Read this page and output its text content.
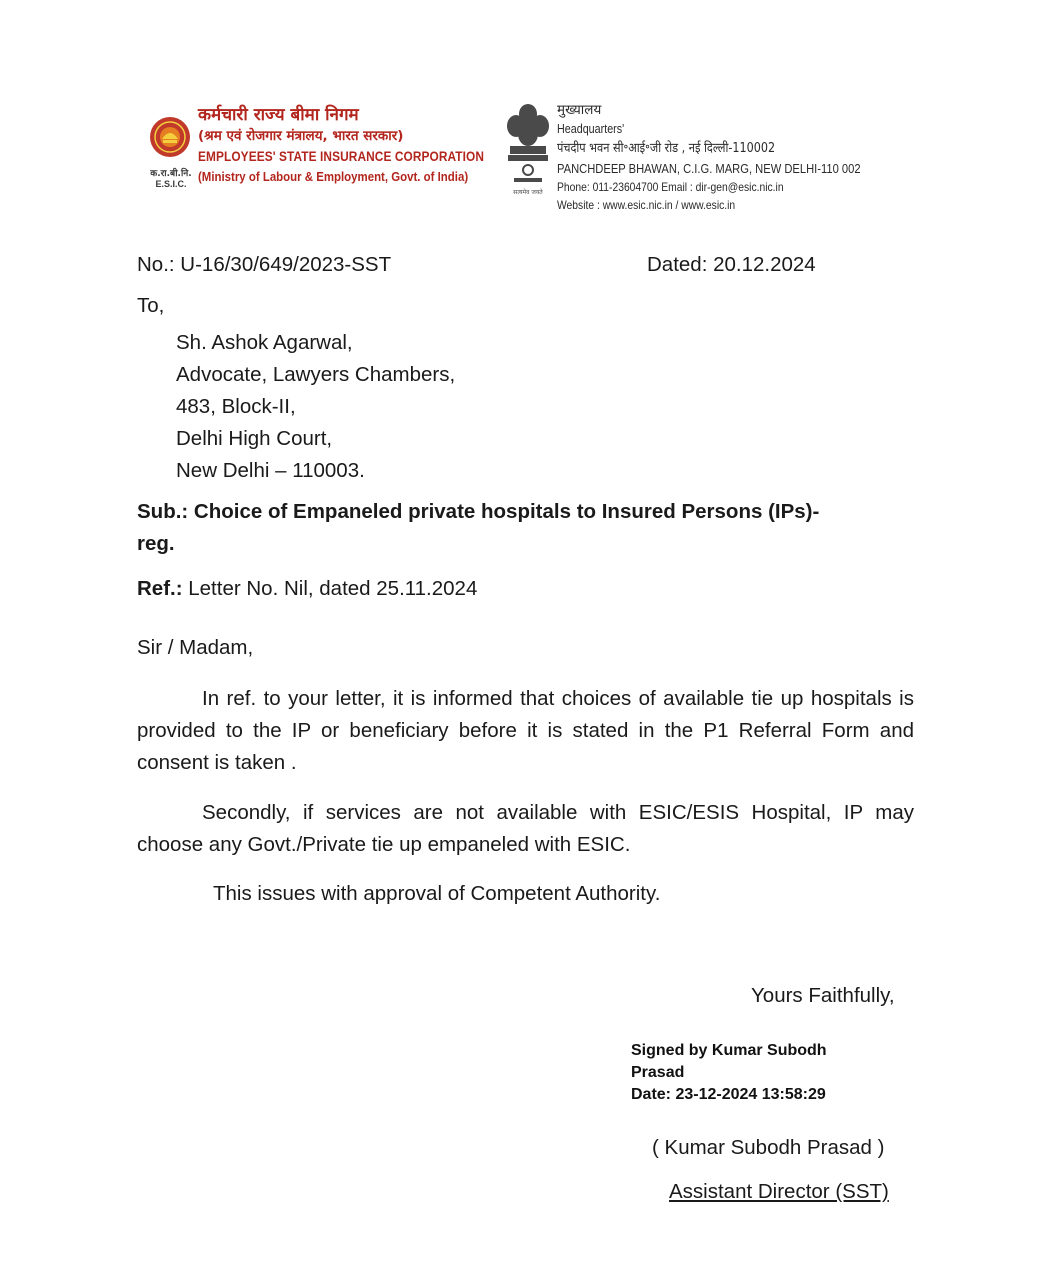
क.रा.बी.नि.
E.S.I.C.
कर्मचारी राज्य बीमा निगम
(श्रम एवं रोजगार मंत्रालय, भारत सरकार)
EMPLOYEES' STATE INSURANCE CORPORATION
(Ministry of Labour & Employment, Govt. of India)
सत्यमेव जयते
मुख्यालय
Headquarters'
पंचदीप भवन सी॰आई॰जी रोड , नई दिल्ली-110002
PANCHDEEP BHAWAN, C.I.G. MARG, NEW DELHI-110 002
Phone: 011-23604700 Email : dir-gen@esic.nic.in
Website : www.esic.nic.in / www.esic.in
No.: U-16/30/649/2023-SST	Dated: 20.12.2024
To,
Sh. Ashok Agarwal,
Advocate, Lawyers Chambers,
483, Block-II,
Delhi High Court,
New Delhi – 110003.
Sub.: Choice of Empaneled private hospitals to Insured Persons (IPs)-
reg.
Ref.: Letter No. Nil, dated 25.11.2024
Sir / Madam,
In ref. to your letter, it is informed that choices of available tie up hospitals is provided to the IP or beneficiary before it is stated in the P1 Referral Form and consent is taken .
Secondly, if services are not available with ESIC/ESIS Hospital, IP may choose any Govt./Private tie up empaneled with ESIC.
This issues with approval of Competent Authority.
Yours Faithfully,
Signed by Kumar Subodh
Prasad
Date: 23-12-2024 13:58:29
( Kumar Subodh Prasad )
Assistant Director (SST)
